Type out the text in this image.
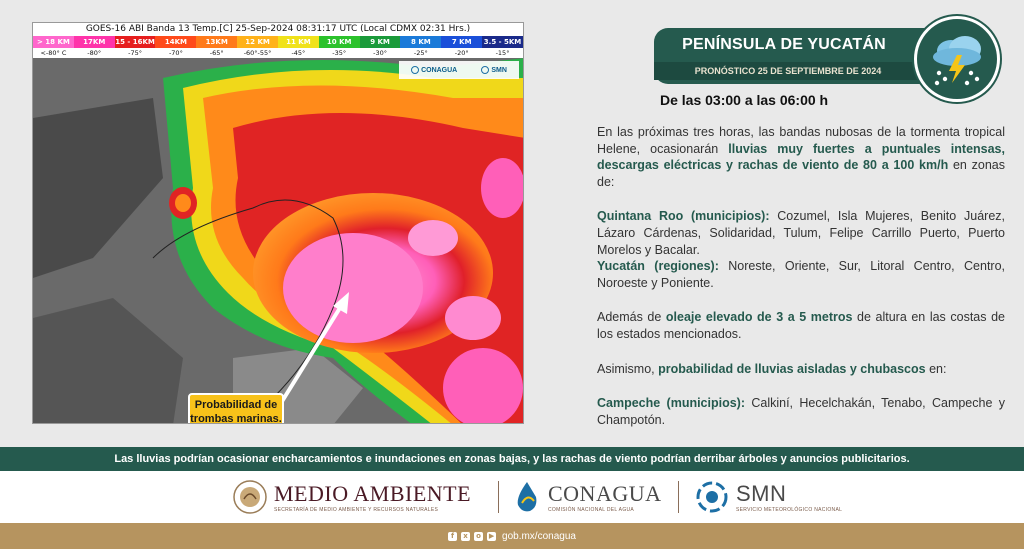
GOES-16 ABI Banda 13 Temp.[C] 25-Sep-2024 08:31:17 UTC (Local CDMX 02:31 Hrs.)
> 18 KM	17KM	15 - 16KM	14KM	13KM	12 KM	11 KM	10 KM	9 KM	8 KM	7 KM	3.5 - 5KM
<-80° C	-80°	-75°	-70°	-65°	-60°-55°	-45°	-35°	-30°	-25°	-20°	-15°
CONAGUA	SMN
Probabilidad de trombas marinas.
PENÍNSULA DE YUCATÁN
PRONÓSTICO 25 DE SEPTIEMBRE DE 2024
De las 03:00 a las 06:00 h

En las próximas tres horas, las bandas nubosas de la tormenta tropical Helene, ocasionarán lluvias muy fuertes a puntuales intensas, descargas eléctricas y rachas de viento de 80 a 100 km/h en zonas de:

Quintana Roo (municipios): Cozumel, Isla Mujeres, Benito Juárez, Lázaro Cárdenas, Solidaridad, Tulum, Felipe Carrillo Puerto, Puerto Morelos y Bacalar.

Yucatán (regiones): Noreste, Oriente, Sur, Litoral Centro, Centro, Noroeste y Poniente.

Además de oleaje elevado de 3 a 5 metros de altura en las costas de los estados mencionados.

Asimismo, probabilidad de lluvias aisladas y chubascos en:

Campeche (municipios): Calkiní, Hecelchakán, Tenabo, Campeche y Champotón.

Las lluvias podrían ocasionar encharcamientos e inundaciones en zonas bajas, y las rachas de viento podrían derribar árboles y anuncios publicitarios.
MEDIO AMBIENTE
SECRETARÍA DE MEDIO AMBIENTE Y RECURSOS NATURALES
CONAGUA
COMISIÓN NACIONAL DEL AGUA
SMN
SERVICIO METEOROLÓGICO NACIONAL
f	x	o ▶ gob.mx/conagua
